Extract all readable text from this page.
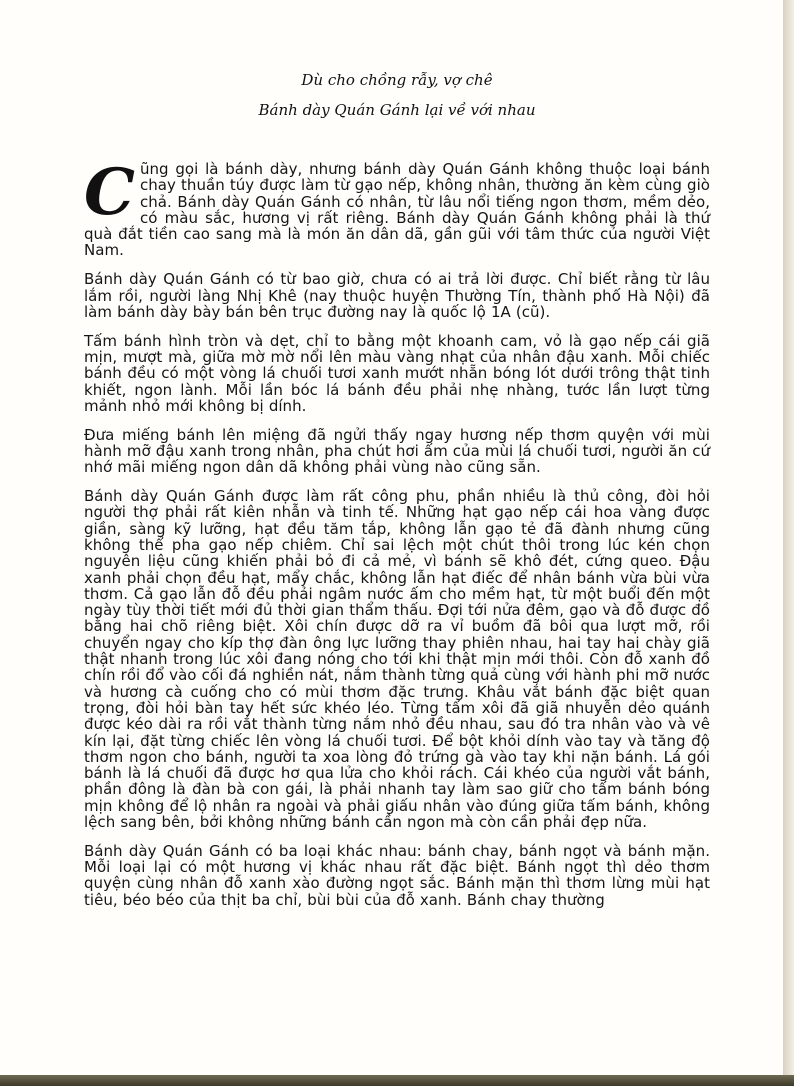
Dù cho chồng rẫy, vợ chê
Bánh dày Quán Gánh lại về với nhau

Cũng gọi là bánh dày, nhưng bánh dày Quán Gánh không thuộc loại bánh chay thuần túy được làm từ gạo nếp, không nhân, thường ăn kèm cùng giò chả. Bánh dày Quán Gánh có nhân, từ lâu nổi tiếng ngon thơm, mềm dẻo, có màu sắc, hương vị rất riêng. Bánh dày Quán Gánh không phải là thứ quà đắt tiền cao sang mà là món ăn dân dã, gần gũi với tâm thức của người Việt Nam.

Bánh dày Quán Gánh có từ bao giờ, chưa có ai trả lời được. Chỉ biết rằng từ lâu lắm rồi, người làng Nhị Khê (nay thuộc huyện Thường Tín, thành phố Hà Nội) đã làm bánh dày bày bán bên trục đường nay là quốc lộ 1A (cũ).

Tấm bánh hình tròn và dẹt, chỉ to bằng một khoanh cam, vỏ là gạo nếp cái giã mịn, mượt mà, giữa mờ mờ nổi lên màu vàng nhạt của nhân đậu xanh. Mỗi chiếc bánh đều có một vòng lá chuối tươi xanh mướt nhẵn bóng lót dưới trông thật tinh khiết, ngon lành. Mỗi lần bóc lá bánh đều phải nhẹ nhàng, tước lần lượt từng mảnh nhỏ mới không bị dính.

Đưa miếng bánh lên miệng đã ngửi thấy ngay hương nếp thơm quyện với mùi hành mỡ đậu xanh trong nhân, pha chút hơi ấm của mùi lá chuối tươi, người ăn cứ nhớ mãi miếng ngon dân dã không phải vùng nào cũng sẵn.

Bánh dày Quán Gánh được làm rất công phu, phần nhiều là thủ công, đòi hỏi người thợ phải rất kiên nhẫn và tinh tế. Những hạt gạo nếp cái hoa vàng được giần, sàng kỹ lưỡng, hạt đều tăm tắp, không lẫn gạo tẻ đã đành nhưng cũng không thể pha gạo nếp chiêm. Chỉ sai lệch một chút thôi trong lúc kén chọn nguyên liệu cũng khiến phải bỏ đi cả mẻ, vì bánh sẽ khô đét, cứng queo. Đậu xanh phải chọn đều hạt, mẩy chắc, không lẫn hạt điếc để nhân bánh vừa bùi vừa thơm. Cả gạo lẫn đỗ đều phải ngâm nước ấm cho mềm hạt, từ một buổi đến một ngày tùy thời tiết mới đủ thời gian thẩm thấu. Đợi tới nửa đêm, gạo và đỗ được đồ bằng hai chõ riêng biệt. Xôi chín được dỡ ra vỉ buồm đã bôi qua lượt mỡ, rồi chuyển ngay cho kíp thợ đàn ông lực lưỡng thay phiên nhau, hai tay hai chày giã thật nhanh trong lúc xôi đang nóng cho tới khi thật mịn mới thôi. Còn đỗ xanh đồ chín rồi đổ vào cối đá nghiền nát, nắm thành từng quả cùng với hành phi mỡ nước và hương cà cuống cho có mùi thơm đặc trưng. Khâu vắt bánh đặc biệt quan trọng, đòi hỏi bàn tay hết sức khéo léo. Từng tấm xôi đã giã nhuyễn dẻo quánh được kéo dài ra rồi vắt thành từng nắm nhỏ đều nhau, sau đó tra nhân vào và vê kín lại, đặt từng chiếc lên vòng lá chuối tươi. Để bột khỏi dính vào tay và tăng độ thơm ngon cho bánh, người ta xoa lòng đỏ trứng gà vào tay khi nặn bánh. Lá gói bánh là lá chuối đã được hơ qua lửa cho khỏi rách. Cái khéo của người vắt bánh, phần đông là đàn bà con gái, là phải nhanh tay làm sao giữ cho tấm bánh bóng mịn không để lộ nhân ra ngoài và phải giấu nhân vào đúng giữa tấm bánh, không lệch sang bên, bởi không những bánh cần ngon mà còn cần phải đẹp nữa.

Bánh dày Quán Gánh có ba loại khác nhau: bánh chay, bánh ngọt và bánh mặn. Mỗi loại lại có một hương vị khác nhau rất đặc biệt. Bánh ngọt thì dẻo thơm quyện cùng nhân đỗ xanh xào đường ngọt sắc. Bánh mặn thì thơm lừng mùi hạt tiêu, béo béo của thịt ba chỉ, bùi bùi của đỗ xanh. Bánh chay thường
